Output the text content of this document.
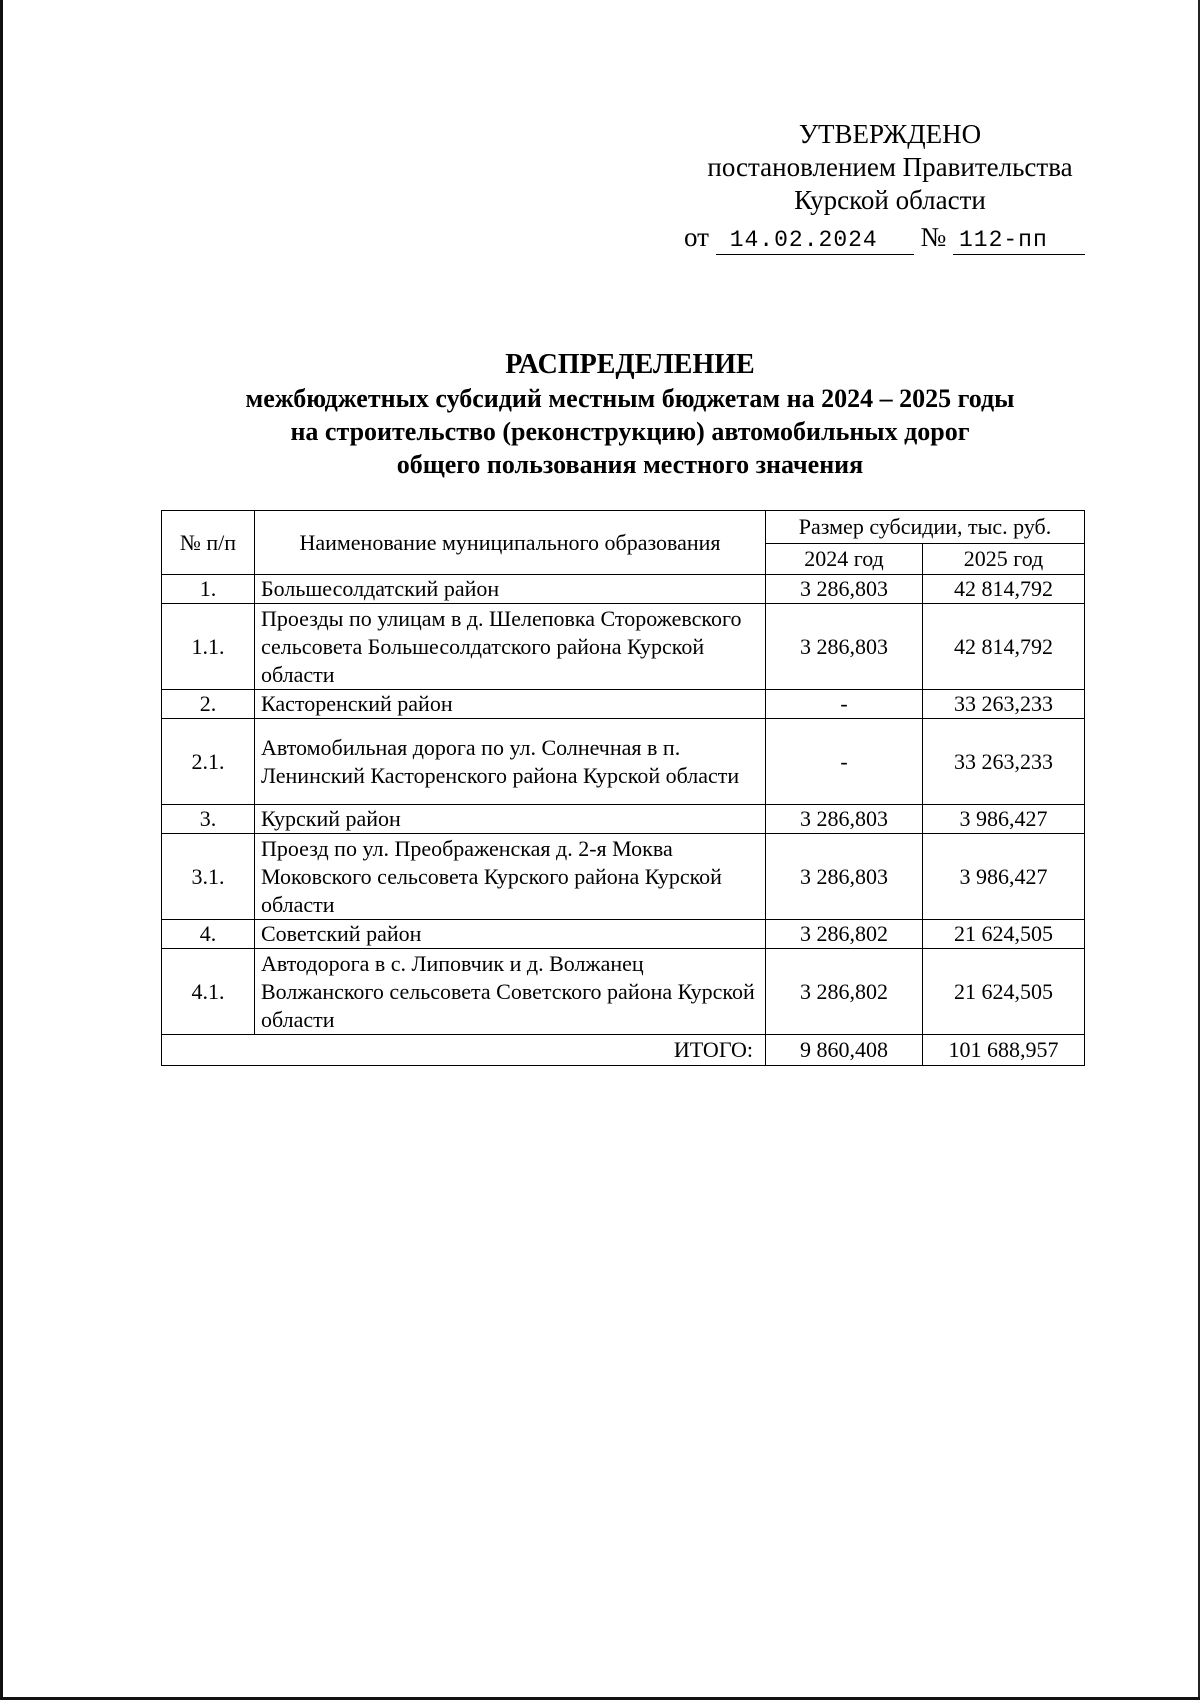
УТВЕРЖДЕНО
постановлением Правительства
Курской области
от 14.02.2024 № 112-пп
РАСПРЕДЕЛЕНИЕ
межбюджетных субсидий местным бюджетам на 2024 – 2025 годы
на строительство (реконструкцию) автомобильных дорог
общего пользования местного значения
№ п/п	Наименование муниципального образования	Размер субсидии, тыс. руб.	
		2024 год	2025 год
1.	Большесолдатский район	3 286,803	42 814,792
1.1.	Проезды по улицам в д. Шелеповка Сторожевского сельсовета Большесолдатского района Курской области	3 286,803	42 814,792
2.	Касторенский район	-	33 263,233
2.1.	Автомобильная дорога по ул. Солнечная в п. Ленинский Касторенского района Курской области	-	33 263,233
3.	Курский район	3 286,803	3 986,427
3.1.	Проезд по ул. Преображенская д. 2-я Моква Моковского сельсовета Курского района Курской области	3 286,803	3 986,427
4.	Советский район	3 286,802	21 624,505
4.1.	Автодорога в с. Липовчик и д. Волжанец Волжанского сельсовета Советского района Курской области	3 286,802	21 624,505
ИТОГО:		9 860,408	101 688,957
